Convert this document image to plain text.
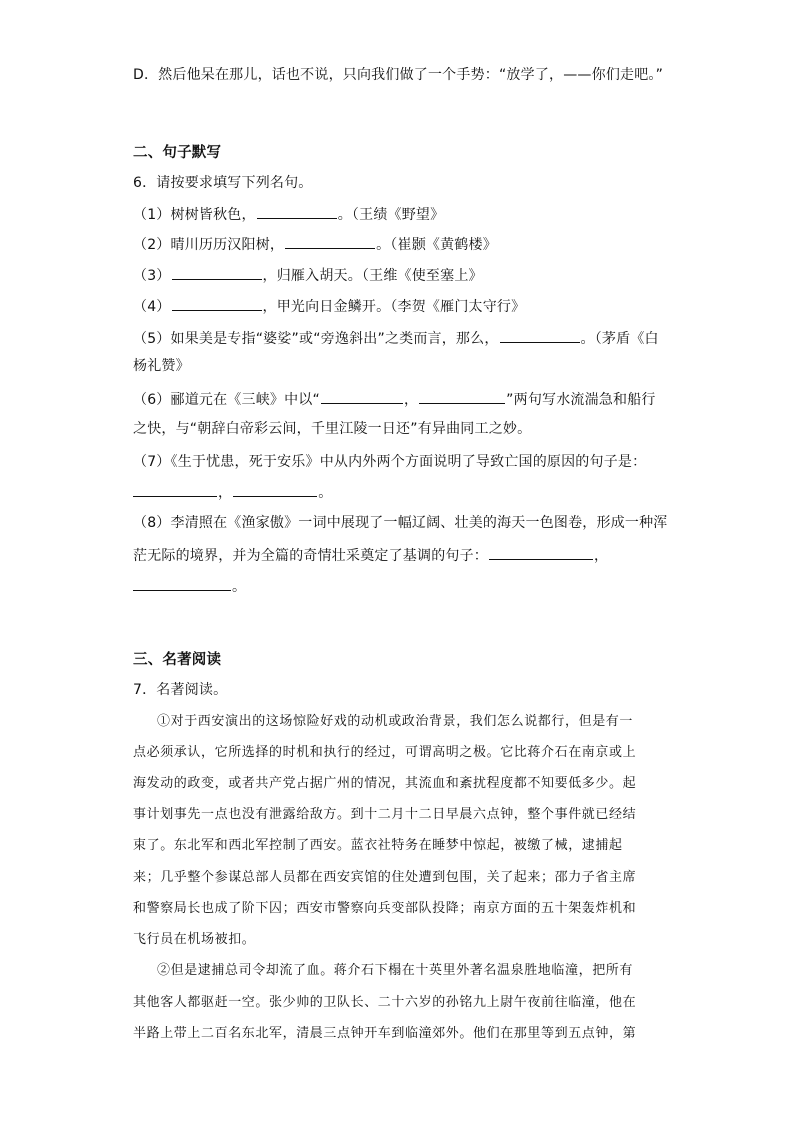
D．然后他呆在那儿，话也不说，只向我们做了一个手势：“放学了，——你们走吧。”
二、句子默写
6．请按要求填写下列名句。
（1）树树皆秋色，	。（王绩《野望》
（2）晴川历历汉阳树，	。（崔颢《黄鹤楼》
（3）	，归雁入胡天。（王维《使至塞上》
（4）	，甲光向日金鳞开。（李贺《雁门太守行》
（5）如果美是专指“婆娑”或“旁逸斜出”之类而言，那么，	。（茅盾《白
杨礼赞》
（6）郦道元在《三峡》中以“	，	”两句写水流湍急和船行
之快，与“朝辞白帝彩云间，千里江陵一日还”有异曲同工之妙。
（7）《生于忧患，死于安乐》中从内外两个方面说明了导致亡国的原因的句子是：
，	。
（8）李清照在《渔家傲》一词中展现了一幅辽阔、壮美的海天一色图卷，形成一种浑
茫无际的境界，并为全篇的奇情壮采奠定了基调的句子：	，
。
三、名著阅读
7．名著阅读。
①对于西安演出的这场惊险好戏的动机或政治背景，我们怎么说都行，但是有一
点必须承认，它所选择的时机和执行的经过，可谓高明之极。它比蒋介石在南京或上
海发动的政变，或者共产党占据广州的情况，其流血和紊扰程度都不知要低多少。起
事计划事先一点也没有泄露给敌方。到十二月十二日早晨六点钟，整个事件就已经结
束了。东北军和西北军控制了西安。蓝衣社特务在睡梦中惊起，被缴了械，逮捕起
来；几乎整个参谋总部人员都在西安宾馆的住处遭到包围，关了起来；邵力子省主席
和警察局长也成了阶下囚；西安市警察向兵变部队投降；南京方面的五十架轰炸机和
飞行员在机场被扣。
②但是逮捕总司令却流了血。蒋介石下榻在十英里外著名温泉胜地临潼，把所有
其他客人都驱赶一空。张少帅的卫队长、二十六岁的孙铭九上尉午夜前往临潼，他在
半路上带上二百名东北军，清晨三点钟开车到临潼郊外。他们在那里等到五点钟，第
